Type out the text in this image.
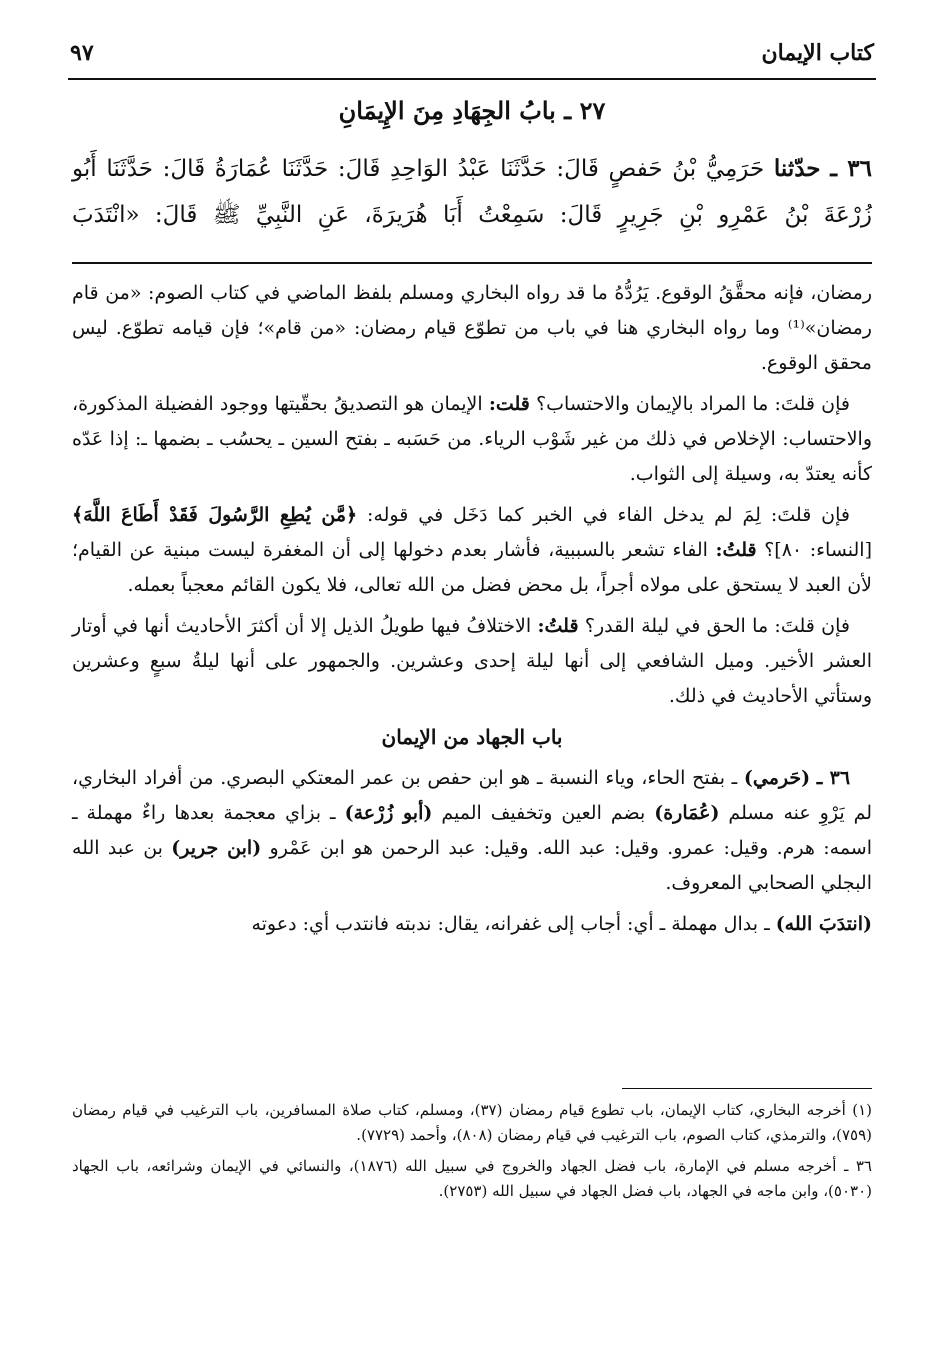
كتاب الإيمان
٩٧
٢٧ ـ بابُ الجِهَادِ مِنَ الإِيمَانِ
٣٦ ـ حدّثنا حَرَمِيُّ بْنُ حَفصٍ قَالَ: حَدَّثَنَا عَبْدُ الوَاحِدِ قَالَ: حَدَّثَنَا عُمَارَةُ قَالَ: حَدَّثَنَا أَبُو زُرْعَةَ بْنُ عَمْرِو بْنِ جَرِيرٍ قَالَ: سَمِعْتُ أَبَا هُرَيرَةَ، عَنِ النَّبِيِّ ﷺ قَالَ: «انْتَدَبَ

رمضان، فإنه محقَّقُ الوقوع. يَرُدُّهُ ما قد رواه البخاري ومسلم بلفظ الماضي في كتاب الصوم: «من قام رمضان»⁽¹⁾ وما رواه البخاري هنا في باب من تطوّع قيام رمضان: «من قام»؛ فإن قيامه تطوّع. ليس محقق الوقوع.

فإن قلتَ: ما المراد بالإيمان والاحتساب؟ قلت: الإيمان هو التصديقُ بحقّيتها ووجود الفضيلة المذكورة، والاحتساب: الإخلاص في ذلك من غير شَوْب الرياء. من حَسَبه ـ بفتح السين ـ يحسُب ـ بضمها ـ: إذا عَدّه كأنه يعتدّ به، وسيلة إلى الثواب.

فإن قلتَ: لِمَ لم يدخل الفاء في الخبر كما دَخَل في قوله: ﴿مَّن يُطِعِ الرَّسُولَ فَقَدْ أَطَاعَ اللَّهَ﴾ [النساء: ٨٠]؟ قلتُ: الفاء تشعر بالسببية، فأشار بعدم دخولها إلى أن المغفرة ليست مبنية عن القيام؛ لأن العبد لا يستحق على مولاه أجراً، بل محض فضل من الله تعالى، فلا يكون القائم معجباً بعمله.

فإن قلتَ: ما الحق في ليلة القدر؟ قلتُ: الاختلافُ فيها طويلُ الذيل إلا أن أكثرَ الأحاديث أنها في أوتار العشر الأخير. وميل الشافعي إلى أنها ليلة إحدى وعشرين. والجمهور على أنها ليلةُ سبعٍ وعشرين وستأتي الأحاديث في ذلك.

باب الجهاد من الإيمان

٣٦ ـ (حَرمي) ـ بفتح الحاء، وياء النسبة ـ هو ابن حفص بن عمر المعتكي البصري. من أفراد البخاري، لم يَرْوِ عنه مسلم (عُمَارة) بضم العين وتخفيف الميم (أبو زُرْعة) ـ بزاي معجمة بعدها راءٌ مهملة ـ اسمه: هرم. وقيل: عمرو. وقيل: عبد الله. وقيل: عبد الرحمن هو ابن عَمْرو (ابن جرير) بن عبد الله البجلي الصحابي المعروف.

(انتدَبَ الله) ـ بدال مهملة ـ أي: أجاب إلى غفرانه، يقال: ندبته فانتدب أي: دعوته

(١) أخرجه البخاري، كتاب الإيمان، باب تطوع قيام رمضان (٣٧)، ومسلم، كتاب صلاة المسافرين، باب الترغيب في قيام رمضان (٧٥٩)، والترمذي، كتاب الصوم، باب الترغيب في قيام رمضان (٨٠٨)، وأحمد (٧٧٢٩).

٣٦ ـ أخرجه مسلم في الإمارة، باب فضل الجهاد والخروج في سبيل الله (١٨٧٦)، والنسائي في الإيمان وشرائعه، باب الجهاد (٥٠٣٠)، وابن ماجه في الجهاد، باب فضل الجهاد في سبيل الله (٢٧٥٣).
